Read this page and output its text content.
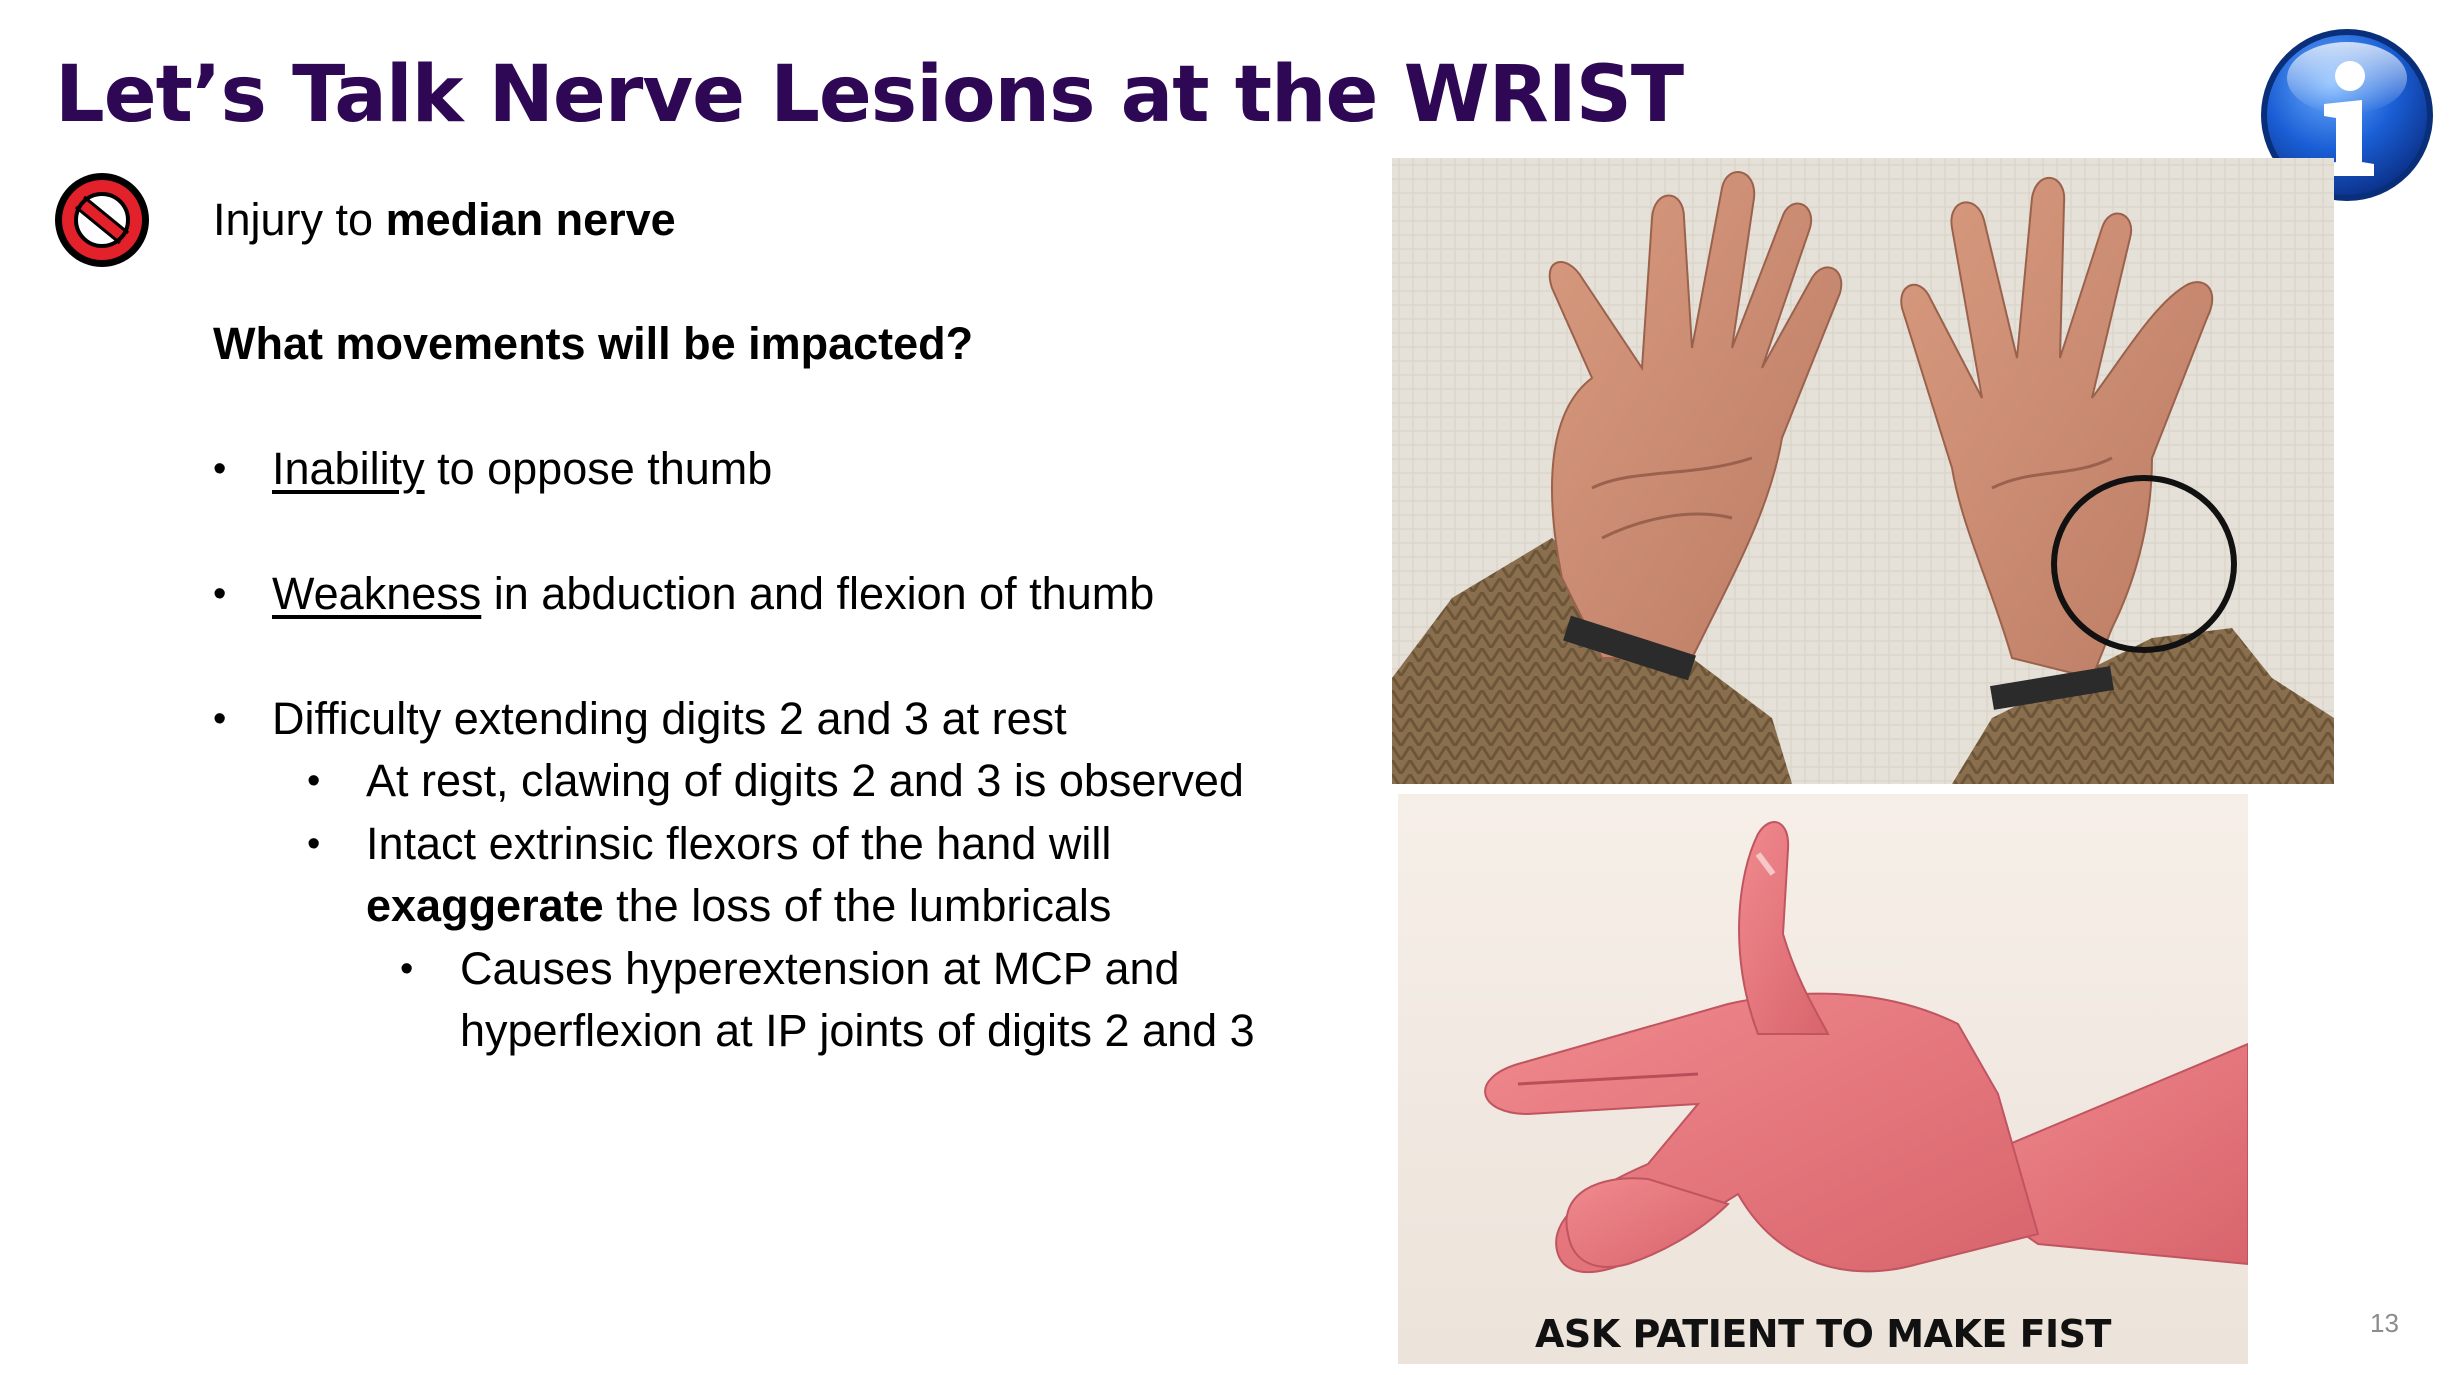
Let’s Talk Nerve Lesions at the WRIST
Injury to median nerve
What movements will be impacted?
• Inability to oppose thumb
• Weakness in abduction and flexion of thumb
• Difficulty extending digits 2 and 3 at rest
• At rest, clawing of digits 2 and 3 is observed
• Intact extrinsic flexors of the hand will
exaggerate the loss of the lumbricals
• Causes hyperextension at MCP and
hyperflexion at IP joints of digits 2 and 3
ASK PATIENT TO MAKE FIST	13
